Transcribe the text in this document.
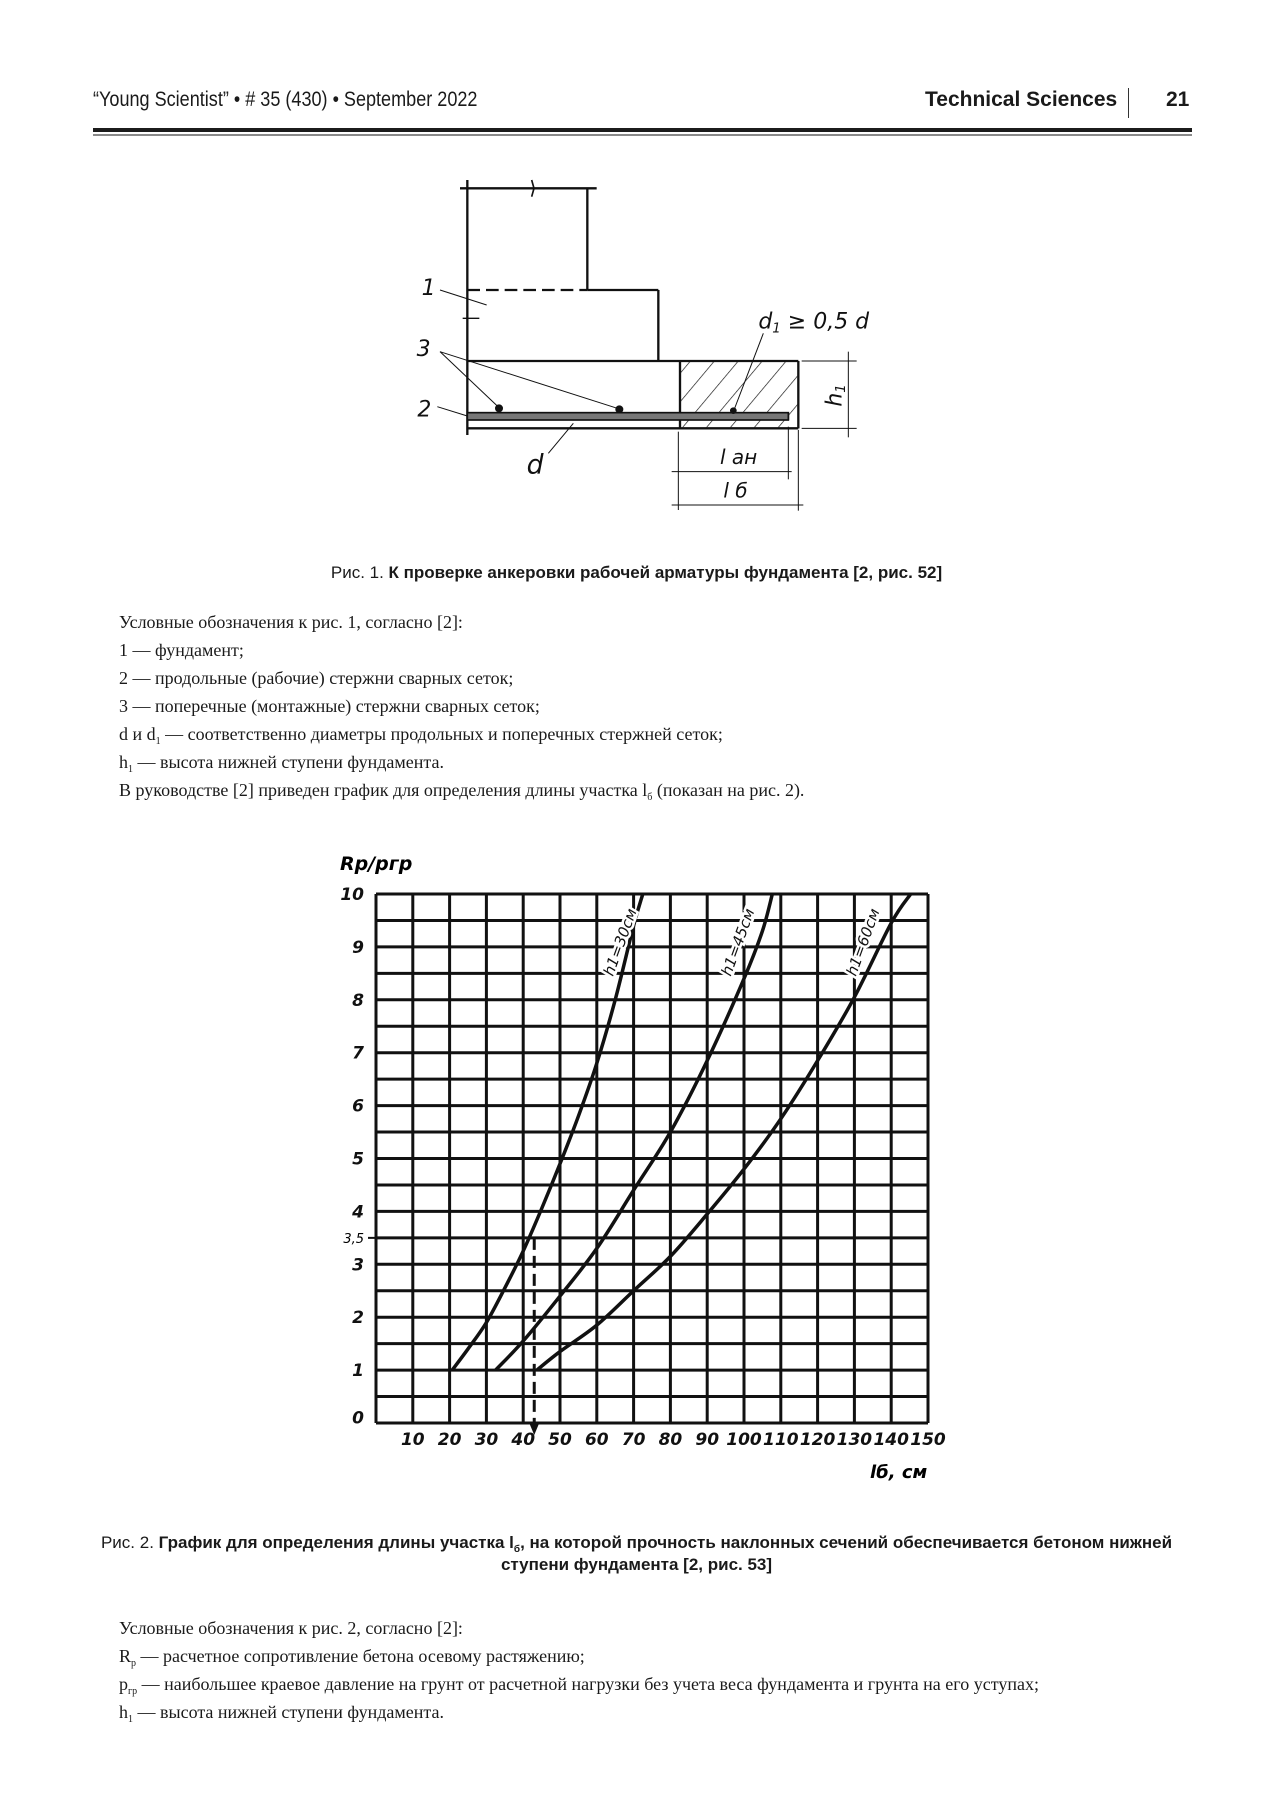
“Young Scientist” • # 35 (430) • September 2022	Technical Sciences 21
1
3
2
d
d1 ≥ 0,5 d
h1
l ан
l б
Рис. 1. К проверке анкеровки рабочей арматуры фундамента [2, рис. 52]
Условные обозначения к рис. 1, согласно [2]:
1 — фундамент;
2 — продольные (рабочие) стержни сварных сеток;
3 — поперечные (монтажные) стержни сварных сеток;
d и $d_1$ — соответственно диаметры продольных и поперечных стержней сеток;
$h_1$ — высота нижней ступени фундамента.
В руководстве [2] приведен график для определения длины участка $l_б$ (показан на рис. 2).
3,5
h1=30см	h1=45см	h1=60см
10 20 30 40 50 60 70 80 90 100 110 120 130 140 150
0
1
2
3
4
5
6
7
8
9
10
Rp/pгр
lб, см
Рис. 2. График для определения длины участка $l_б$, на которой прочность наклонных сечений обеспечивается бетоном нижней
ступени фундамента [2, рис. 53]
Условные обозначения к рис. 2, согласно [2]:
$R_р$ — расчетное сопротивление бетона осевому растяжению;
$p_{гр}$ — наибольшее краевое давление на грунт от расчетной нагрузки без учета веса фундамента и грунта на его уступах;
$h_1$ — высота нижней ступени фундамента.
